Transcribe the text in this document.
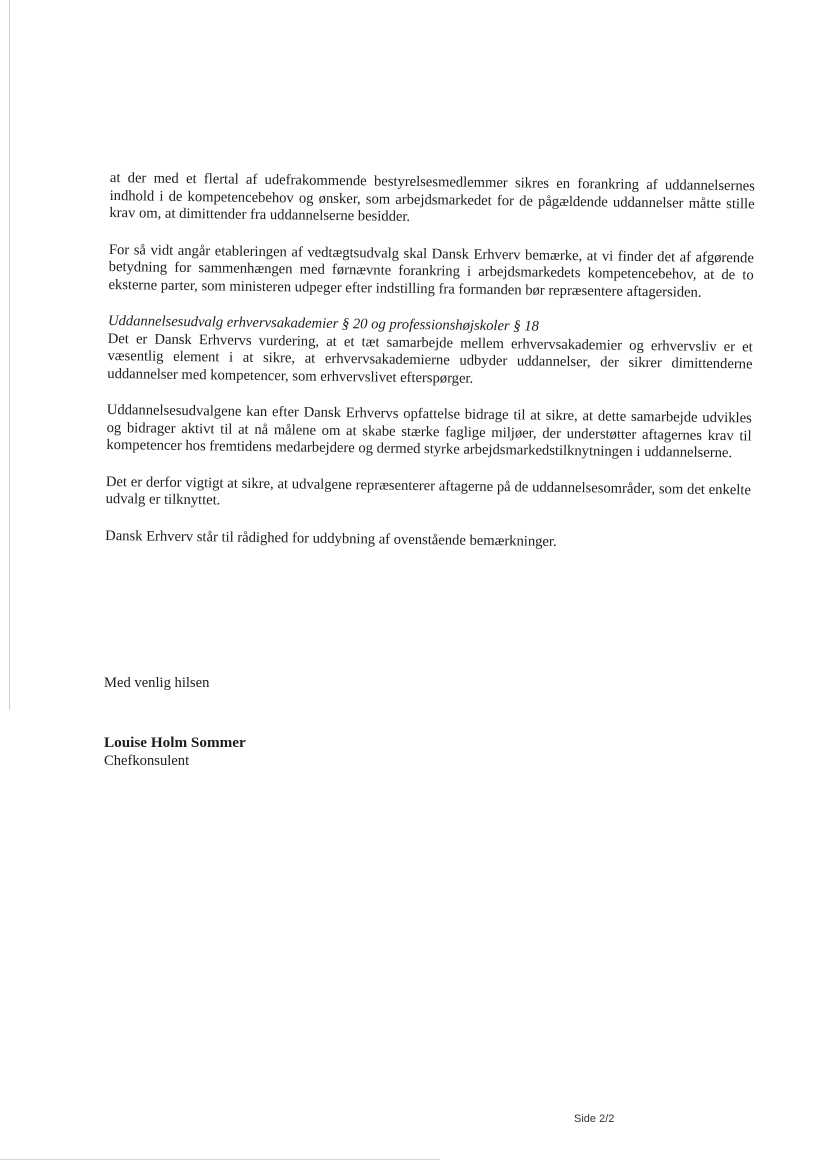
at der med et flertal af udefrakommende bestyrelsesmedlemmer sikres en forankring af uddannelsernes indhold i de kompetencebehov og ønsker, som arbejdsmarkedet for de pågældende uddannelser måtte stille krav om, at dimittender fra uddannelserne besidder.

For så vidt angår etableringen af vedtægtsudvalg skal Dansk Erhverv bemærke, at vi finder det af afgørende betydning for sammenhængen med førnævnte forankring i arbejdsmarkedets kompetencebehov, at de to eksterne parter, som ministeren udpeger efter indstilling fra formanden bør repræsentere aftagersiden.

Uddannelsesudvalg erhvervsakademier § 20 og professionshøjskoler § 18
Det er Dansk Erhvervs vurdering, at et tæt samarbejde mellem erhvervsakademier og erhvervsliv er et væsentlig element i at sikre, at erhvervsakademierne udbyder uddannelser, der sikrer dimittenderne uddannelser med kompetencer, som erhvervslivet efterspørger.

Uddannelsesudvalgene kan efter Dansk Erhvervs opfattelse bidrage til at sikre, at dette samarbejde udvikles og bidrager aktivt til at nå målene om at skabe stærke faglige miljøer, der understøtter aftagernes krav til kompetencer hos fremtidens medarbejdere og dermed styrke arbejdsmarkedstilknytningen i uddannelserne.

Det er derfor vigtigt at sikre, at udvalgene repræsenterer aftagerne på de uddannelsesområder, som det enkelte udvalg er tilknyttet.

Dansk Erhverv står til rådighed for uddybning af ovenstående bemærkninger.

Med venlig hilsen

Louise Holm Sommer

Chefkonsulent

Side 2/2
